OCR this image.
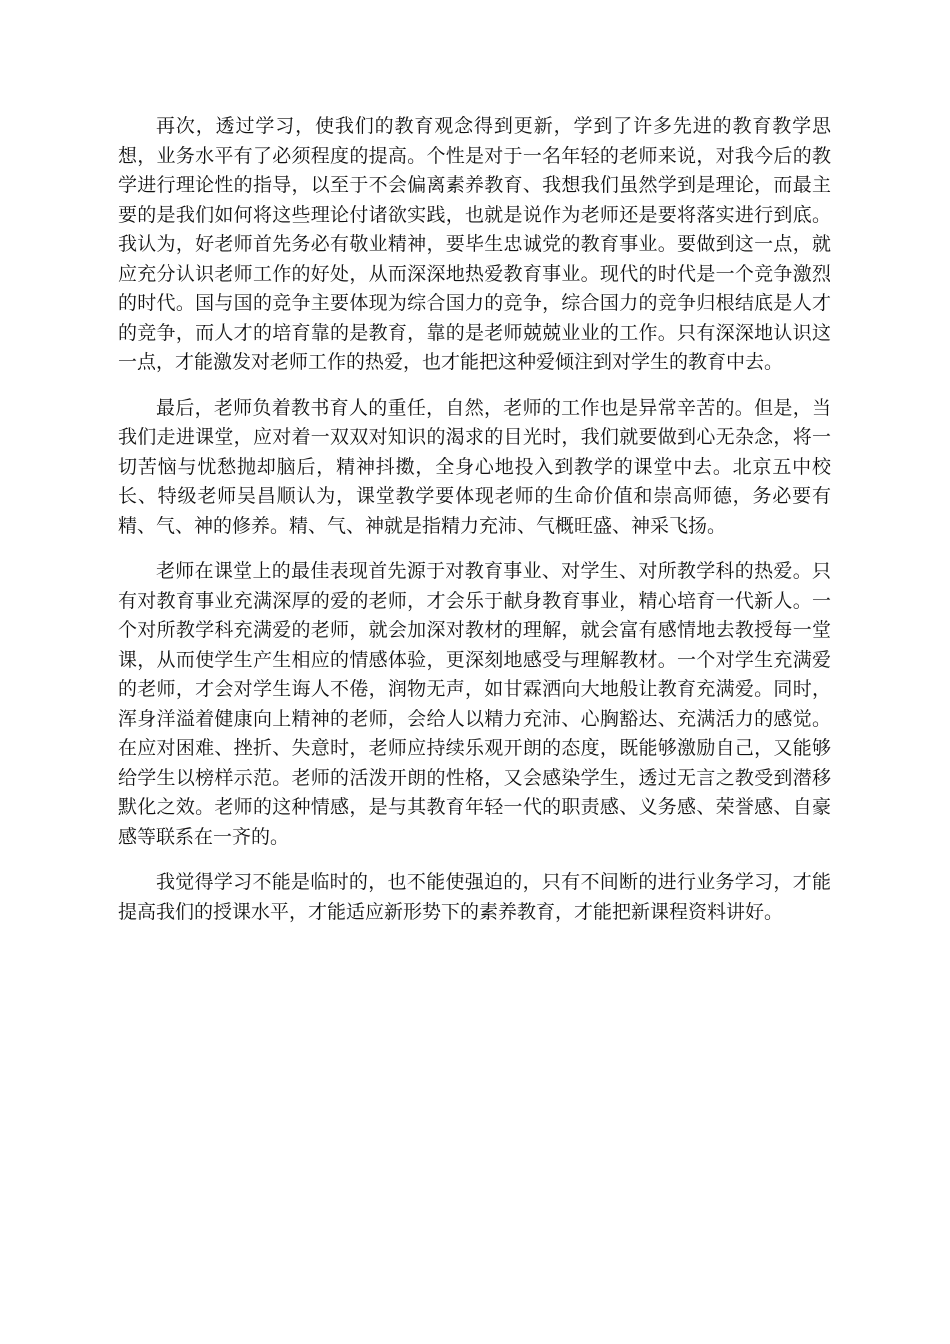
再次，透过学习，使我们的教育观念得到更新，学到了许多先进的教育教学思想，业务水平有了必须程度的提高。个性是对于一名年轻的老师来说，对我今后的教学进行理论性的指导，以至于不会偏离素养教育、我想我们虽然学到是理论，而最主要的是我们如何将这些理论付诸欲实践，也就是说作为老师还是要将落实进行到底。我认为，好老师首先务必有敬业精神，要毕生忠诚党的教育事业。要做到这一点，就应充分认识老师工作的好处，从而深深地热爱教育事业。现代的时代是一个竞争激烈的时代。国与国的竞争主要体现为综合国力的竞争，综合国力的竞争归根结底是人才的竞争，而人才的培育靠的是教育，靠的是老师兢兢业业的工作。只有深深地认识这一点，才能激发对老师工作的热爱，也才能把这种爱倾注到对学生的教育中去。

最后，老师负着教书育人的重任，自然，老师的工作也是异常辛苦的。但是，当我们走进课堂，应对着一双双对知识的渴求的目光时，我们就要做到心无杂念，将一切苦恼与忧愁抛却脑后，精神抖擞，全身心地投入到教学的课堂中去。北京五中校长、特级老师吴昌顺认为，课堂教学要体现老师的生命价值和崇高师德，务必要有精、气、神的修养。精、气、神就是指精力充沛、气概旺盛、神采飞扬。

老师在课堂上的最佳表现首先源于对教育事业、对学生、对所教学科的热爱。只有对教育事业充满深厚的爱的老师，才会乐于献身教育事业，精心培育一代新人。一个对所教学科充满爱的老师，就会加深对教材的理解，就会富有感情地去教授每一堂课，从而使学生产生相应的情感体验，更深刻地感受与理解教材。一个对学生充满爱的老师，才会对学生诲人不倦，润物无声，如甘霖洒向大地般让教育充满爱。同时，浑身洋溢着健康向上精神的老师，会给人以精力充沛、心胸豁达、充满活力的感觉。在应对困难、挫折、失意时，老师应持续乐观开朗的态度，既能够激励自己，又能够给学生以榜样示范。老师的活泼开朗的性格，又会感染学生，透过无言之教受到潜移默化之效。老师的这种情感，是与其教育年轻一代的职责感、义务感、荣誉感、自豪感等联系在一齐的。

我觉得学习不能是临时的，也不能使强迫的，只有不间断的进行业务学习，才能提高我们的授课水平，才能适应新形势下的素养教育，才能把新课程资料讲好。
